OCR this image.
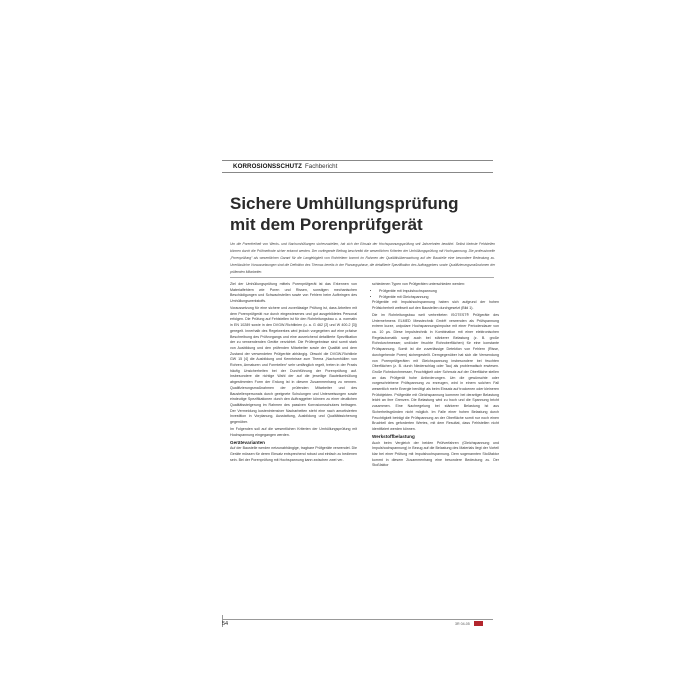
KORROSIONSSCHUTZ Fachbericht
Sichere Umhüllungsprüfung
mit dem Porenprüfgerät
Um die Porenfreiheit von Werks- und Nachumhüllungen sicherzustellen, hat sich der Einsatz der Hochspannungsprüfung seit Jahrzehnten bewährt. Selbst kleinste Fehlstellen können durch die Prüfmethode sicher erkannt werden. Der vorliegende Beitrag beschreibt die wesentlichen Kriterien der Umhüllungsprüfung mit Hochspannung. Die professionelle „Porenprüfung“ als wesentlichen Garant für die Langlebigkeit von Rohrleitern kommt im Rahmen der Qualitätsüberwachung auf der Baustelle eine besondere Bedeutung zu. Unerlässliche Voraussetzungen sind die Definition des Themas bereits in der Planungsphase, die detaillierte Spezifikation des Auftraggebers sowie Qualifizierungsmaßnahmen der prüfenden Mitarbeiter.

Ziel der Umhüllungsprüfung mittels Porenprüfgerät ist das Erkennen von Materialfehlern wie Poren und Rissen, sonstigen mechanischen Beschädigungen und Schwachstellen sowie von Fehlern beim Aufbringen des Umhüllungswerkstoffs.

Voraussetzung für eine sichere und zuverlässige Prüfung ist, dass Arbeiten mit dem Porenprüfgerät nur durch eingewiesenes und gut ausgebildetes Personal erfolgen. Die Prüfung auf Fehlstellen ist für den Rohrleitungsbau u. a. normativ in EN 10289 sowie in den DVGW-Richtlinien (u. a. G 462 [2] und W 400-2 [3]) geregelt. Innerhalb des Regelwerkes wird jedoch vorgegeben auf eine präzise Beschreibung des Prüfvorgangs und eine ausreichend detaillierte Spezifikation der zu verwendenden Geräte verzichtet. Die Prüfergebnisse sind somit stark von Ausbildung und den prüfenden Mitarbeiter sowie der Qualität und dem Zustand der verwendeten Prüfgeräte abhängig. Obwohl die DVGW-Richtlinie GW 15 [4] die Ausbildung und Kenntnisse zum Thema „Nachumhüllen von Rohren, Armaturen und Formteilen“ sehr umfänglich regelt, treten in der Praxis häufig Unsicherheiten bei der Durchführung der Porenprüfung auf. Insbesondere die richtige Wahl der auf die jeweilige Bauteilumhüllung abgestimmten Form der Erdung ist in diesem Zusammenhang zu nennen. Qualifizierungsmaßnahmen der prüfenden Mitarbeiter und des Baustellenpersonals durch geeignete Schulungen und Unterweisungen sowie eindeutige Spezifikationen durch den Auftraggeber können zu einer deutlichen Qualitätssteigerung im Rahmen des passiven Korrosionsschutzes beitragen. Der Vermeidung kostenintensiver Nacharbeiten steht eine nach amortisierten Investition in Vorplanung, Ausstattung, Ausbildung und Qualitätssicherung gegenüber.

Im Folgenden soll auf die wesentlichen Kriterien der Umhüllungsprüfung mit Hochspannung eingegangen werden.

Gerätevarianten

Auf der Baustelle werden netzunabhängige, tragbare Prüfgeräte verwendet. Die Geräte müssen für deren Einsatz entsprechend robust und einfach zu bedienen sein. Bei der Porenprüfung mit Hochspannung kann zwischen zwei ver-

schiedenen Typen von Prüfgeräten unterschieden werden:

• Prüfgeräte mit Impulshochspannung
• Prüfgeräte mit Gleichspannung

Prüfgeräte mit Impulshochspannung haben sich aufgrund der hohen Prüfsicherheit weltweit auf den Baustellen durchgesetzt (Bild 1).

Die im Rohrleitungsbau weit verbreiteten ISOTEST® Prüfgeräte des Unternehmens ELMED Messtechnik GmbH verwenden als Prüfspannung extrem kurze, unipolare Hochspannungsimpulse mit einer Periodendauer von ca. 10 µs. Diese Impulstechnik in Kombination mit einer elektronischen Regelautomatik sorgt auch bei stärkerer Belastung (z. B. große Rohrdurchmesser, und/oder feuchte Rohroberflächen) für eine konstante Prüfspannung. Somit ist die zuverlässige Detektion von Fehlern (Risse, durchgehende Poren) sichergestellt. Demgegenüber hat sich die Verwendung von Porenprüfgeräten mit Gleichspannung insbesondere bei feuchten Oberflächen (z. B. durch Niederschlag oder Tau) als problematisch erwiesen. Große Rohrdurchmesser, Feuchtigkeit oder Schmutz auf der Oberfläche stellen an das Prüfgerät hohe Anforderungen. Um die gewünschte oder vorgeschriebene Prüfspannung zu erzeugen, wird in einem solchen Fall wesentlich mehr Energie benötigt als beim Einsatz auf trockenen oder kleineren Prüfobjekten. Prüfgeräte mit Gleichspannung kommen bei derartiger Belastung leicht an ihre Grenzen. Die Belastung wird zu hoch und die Spannung bricht zusammen. Eine Nachregelung bei stärkerer Belastung ist aus Sicherheitsgründen nicht möglich. Im Falle einer hohen Belastung durch Feuchtigkeit beträgt die Prüfspannung an der Oberfläche somit nur noch einen Bruchteil des geforderten Wertes, mit dem Resultat, dass Fehlstellen nicht identifiziert werden können.

Werkstoffbelastung

Auch beim Vergleich der beiden Prüfverfahren (Gleichspannung und Impulshochspannung) in Bezug auf die Belastung des Materials liegt der Vorteil klar bei einer Prüfung mit Impulshochspannung. Dem sogenannten Stoßfaktor kommt in diesem Zusammenhang eine besondere Bedeutung zu. Der Stoßfaktor

54	3R 04-05
